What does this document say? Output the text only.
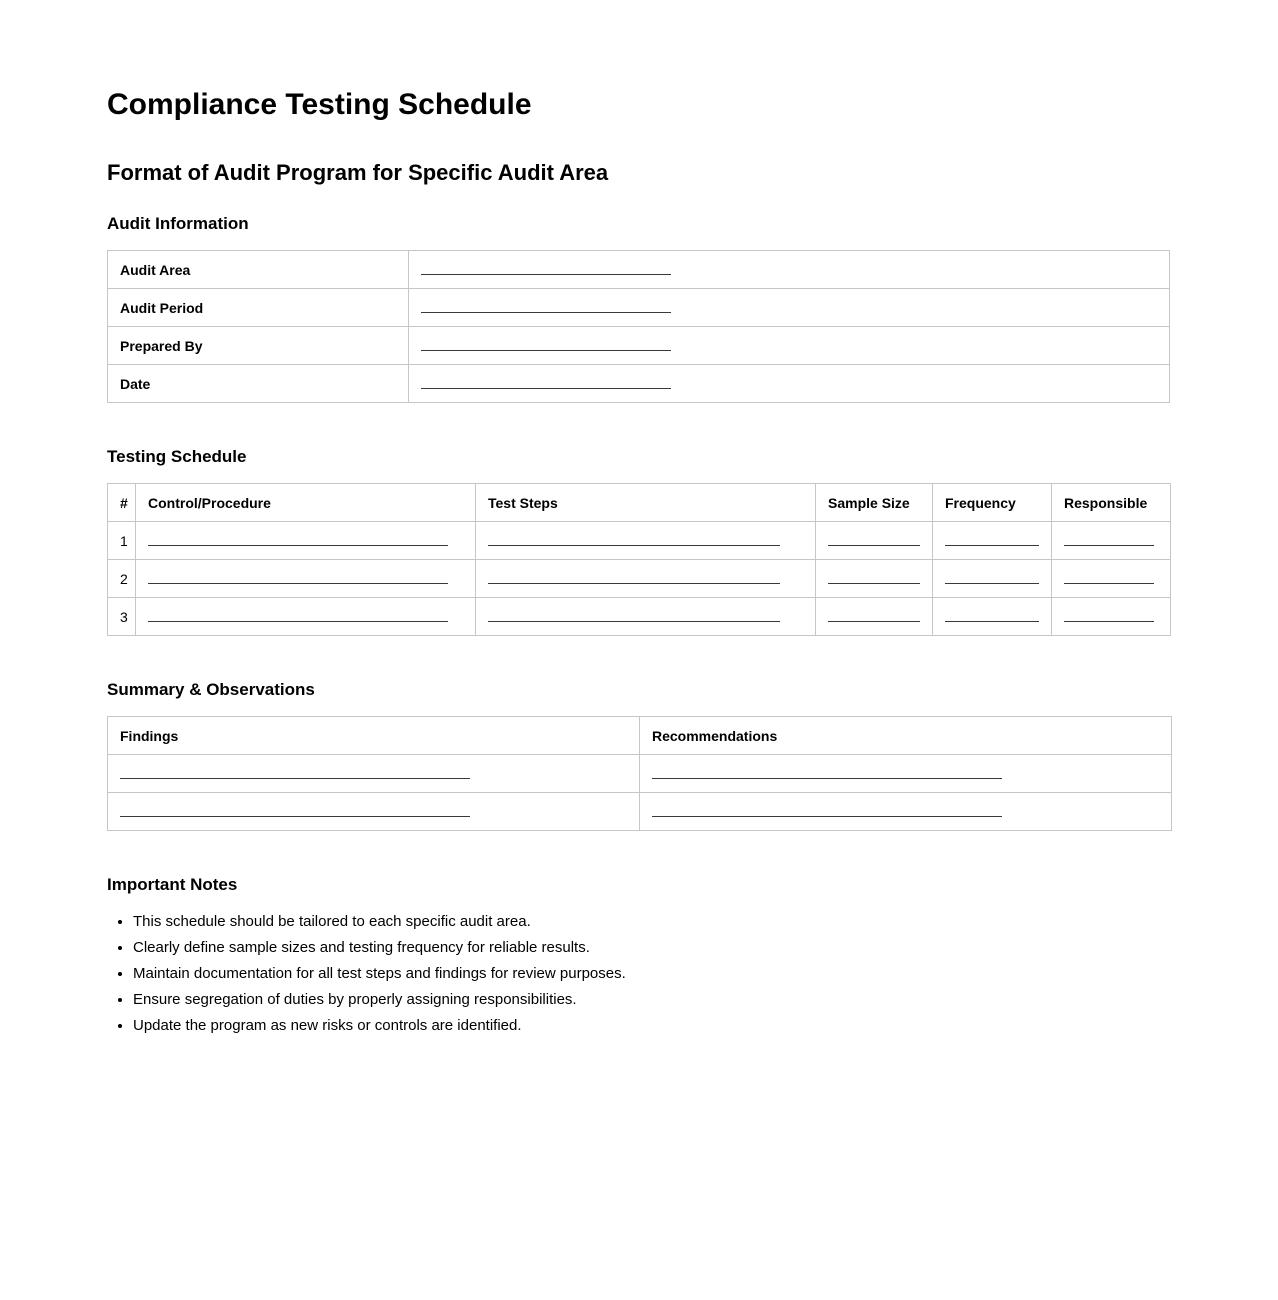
Compliance Testing Schedule
Format of Audit Program for Specific Audit Area
Audit Information
Audit Area	
Audit Period	
Prepared By	
Date	
Testing Schedule
#	Control/Procedure	Test Steps	Sample Size	Frequency	Responsible
1					
2					
3					
Summary & Observations
Findings	Recommendations

Important Notes
• This schedule should be tailored to each specific audit area.
• Clearly define sample sizes and testing frequency for reliable results.
• Maintain documentation for all test steps and findings for review purposes.
• Ensure segregation of duties by properly assigning responsibilities.
• Update the program as new risks or controls are identified.
